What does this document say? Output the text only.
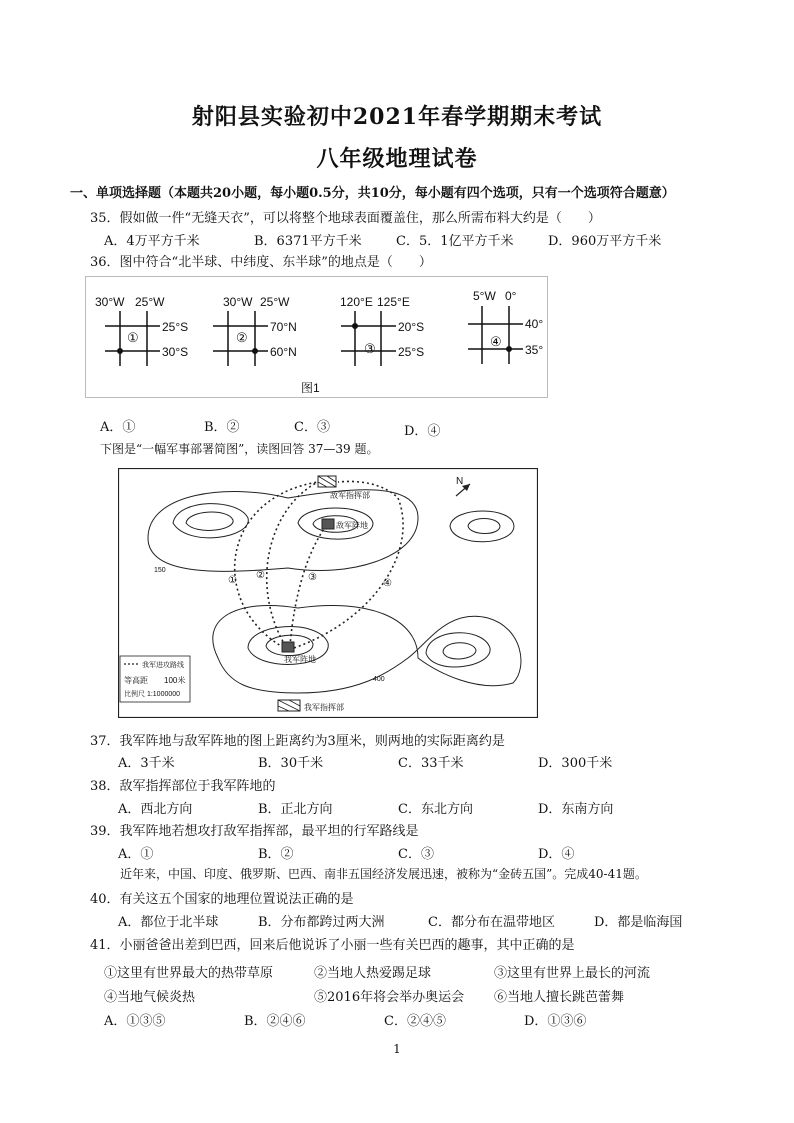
射阳县实验初中2021年春学期期末考试
八年级地理试卷
一、单项选择题（本题共20小题，每小题0.5分，共10分，每小题有四个选项，只有一个选项符合题意）
35．假如做一件“无缝天衣”，可以将整个地球表面覆盖住，那么所需布料大约是（　　）
A．4万平方千米	B．6371平方千米	C．5．1亿平方千米	D．960万平方千米
36．图中符合“北半球、中纬度、东半球”的地点是（　　）
30°W 25°W
25°S
30°S
①
30°W 25°W
70°N
60°N
②
120°E 125°E
20°S
25°S
③
5°W 0°
40°
35°
④
图1
A．①	B．②	C．③	D．④
下图是“一幅军事部署简图”，读图回答 37—39 题。
N
敌军指挥部
敌军阵地
我军阵地
我军指挥部
① ②	③
④
150
400
我军进攻路线
等高距　　100米
比例尺 1:1000000
37．我军阵地与敌军阵地的图上距离约为3厘米，则两地的实际距离约是
A．3千米	B．30千米	C．33千米	D．300千米
38．敌军指挥部位于我军阵地的
A．西北方向	B．正北方向	C．东北方向	D．东南方向
39．我军阵地若想攻打敌军指挥部，最平坦的行军路线是
A．①	B．②	C．③	D．④
近年来，中国、印度、俄罗斯、巴西、南非五国经济发展迅速，被称为“金砖五国”。完成40-41题。
40．有关这五个国家的地理位置说法正确的是
A．都位于北半球	B．分布都跨过两大洲	C．都分布在温带地区	D．都是临海国
41．小丽爸爸出差到巴西，回来后他说诉了小丽一些有关巴西的趣事，其中正确的是
①这里有世界最大的热带草原	②当地人热爱踢足球	③这里有世界上最长的河流
④当地气候炎热	⑤2016年将会举办奥运会 ⑥当地人擅长跳芭蕾舞
A．①③⑤	B．②④⑥	C．②④⑤	D．①③⑥
1
